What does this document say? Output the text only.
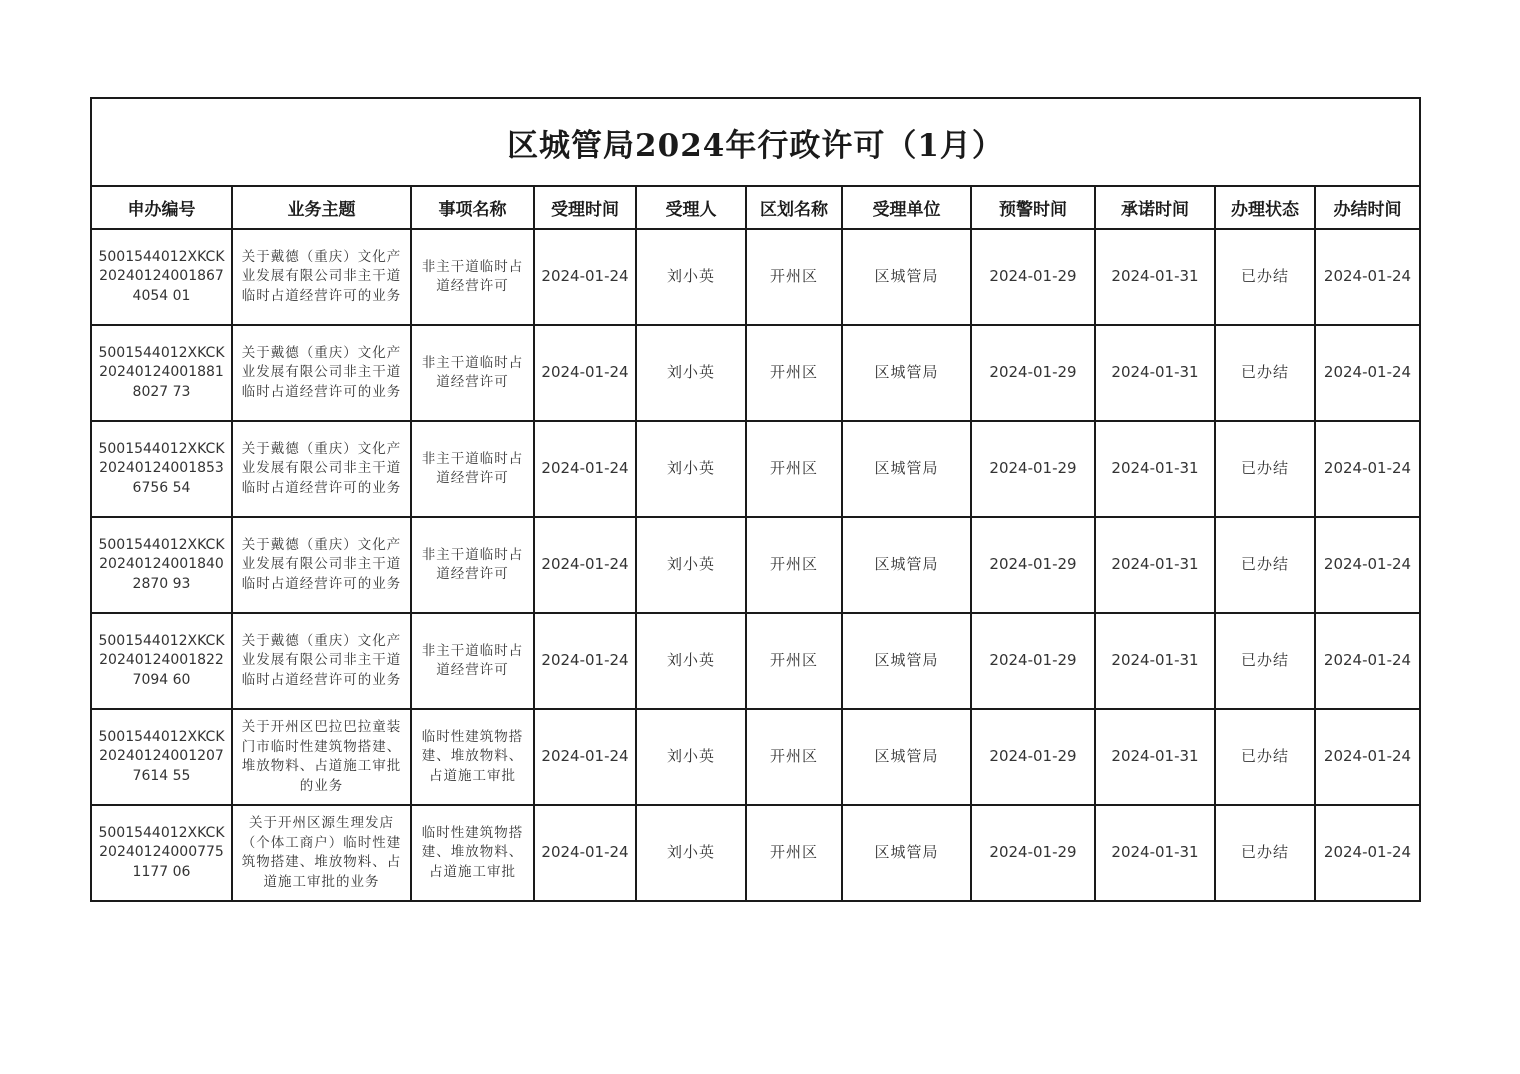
区城管局2024年行政许可（1月）										
申办编号	业务主题	事项名称	受理时间	受理人	区划名称	受理单位	预警时间	承诺时间	办理状态	办结时间
5001544012XKCK202401240018674054 01	关于戴德（重庆）文化产业发展有限公司非主干道临时占道经营许可的业务	非主干道临时占道经营许可	2024-01-24	刘小英	开州区	区城管局	2024-01-29	2024-01-31	已办结	2024-01-24
5001544012XKCK202401240018818027 73	关于戴德（重庆）文化产业发展有限公司非主干道临时占道经营许可的业务	非主干道临时占道经营许可	2024-01-24	刘小英	开州区	区城管局	2024-01-29	2024-01-31	已办结	2024-01-24
5001544012XKCK202401240018536756 54	关于戴德（重庆）文化产业发展有限公司非主干道临时占道经营许可的业务	非主干道临时占道经营许可	2024-01-24	刘小英	开州区	区城管局	2024-01-29	2024-01-31	已办结	2024-01-24
5001544012XKCK202401240018402870 93	关于戴德（重庆）文化产业发展有限公司非主干道临时占道经营许可的业务	非主干道临时占道经营许可	2024-01-24	刘小英	开州区	区城管局	2024-01-29	2024-01-31	已办结	2024-01-24
5001544012XKCK202401240018227094 60	关于戴德（重庆）文化产业发展有限公司非主干道临时占道经营许可的业务	非主干道临时占道经营许可	2024-01-24	刘小英	开州区	区城管局	2024-01-29	2024-01-31	已办结	2024-01-24
5001544012XKCK202401240012077614 55	关于开州区巴拉巴拉童装门市临时性建筑物搭建、堆放物料、占道施工审批的业务	临时性建筑物搭建、堆放物料、占道施工审批	2024-01-24	刘小英	开州区	区城管局	2024-01-29	2024-01-31	已办结	2024-01-24
5001544012XKCK202401240007751177 06	关于开州区源生理发店（个体工商户）临时性建筑物搭建、堆放物料、占道施工审批的业务	临时性建筑物搭建、堆放物料、占道施工审批	2024-01-24	刘小英	开州区	区城管局	2024-01-29	2024-01-31	已办结	2024-01-24
